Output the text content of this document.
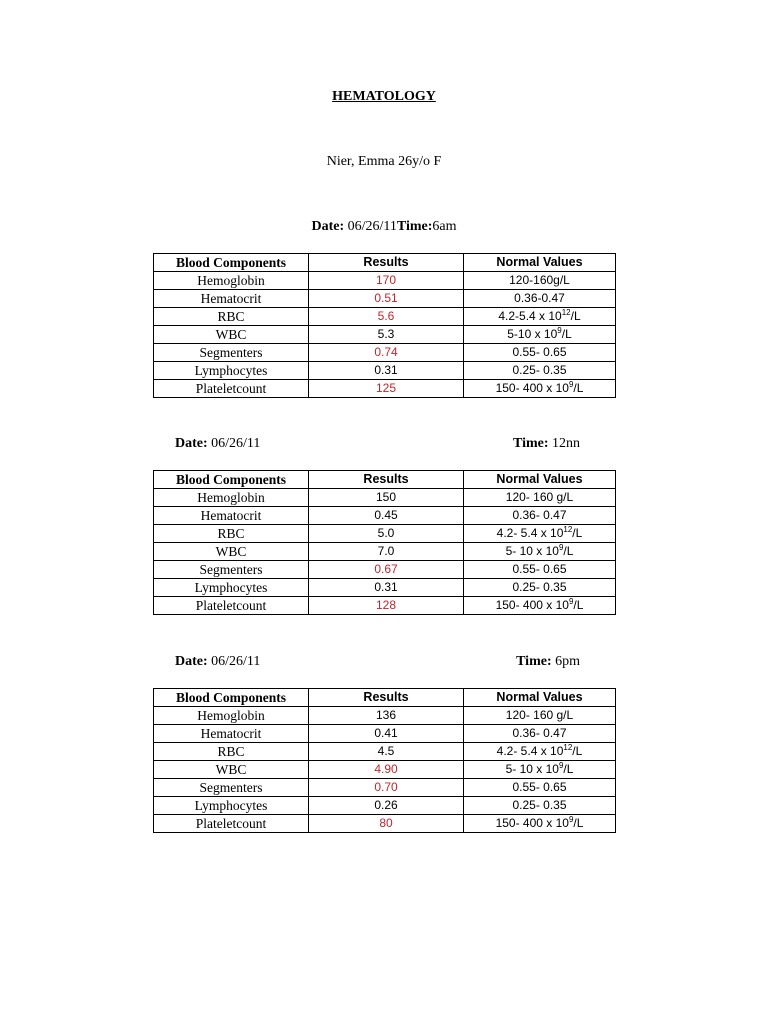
HEMATOLOGY
Nier, Emma 26y/o F
Date: 06/26/11Time:6am
Blood Components	Results	Normal Values
Hemoglobin	170	120-160g/L
Hematocrit	0.51	0.36-0.47
RBC	5.6	4.2-5.4 x $10^{12}/L$
WBC	5.3	5-10 x $10^9/L$
Segmenters	0.74	0.55- 0.65
Lymphocytes	0.31	0.25- 0.35
Plateletcount	125	150- 400 x $10^9/L$
Date: 06/26/11	Time: 12nn
Blood Components	Results	Normal Values
Hemoglobin	150	120- 160 g/L
Hematocrit	0.45	0.36- 0.47
RBC	5.0	4.2- 5.4 x $10^{12}/L$
WBC	7.0	5- 10 x $10^9/L$
Segmenters	0.67	0.55- 0.65
Lymphocytes	0.31	0.25- 0.35
Plateletcount	128	150- 400 x $10^9/L$
Date: 06/26/11	Time: 6pm
Blood Components	Results	Normal Values
Hemoglobin	136	120- 160 g/L
Hematocrit	0.41	0.36- 0.47
RBC	4.5	4.2- 5.4 x $10^{12}/L$
WBC	4.90	5- 10 x $10^9/L$
Segmenters	0.70	0.55- 0.65
Lymphocytes	0.26	0.25- 0.35
Plateletcount	80	150- 400 x $10^9/L$
